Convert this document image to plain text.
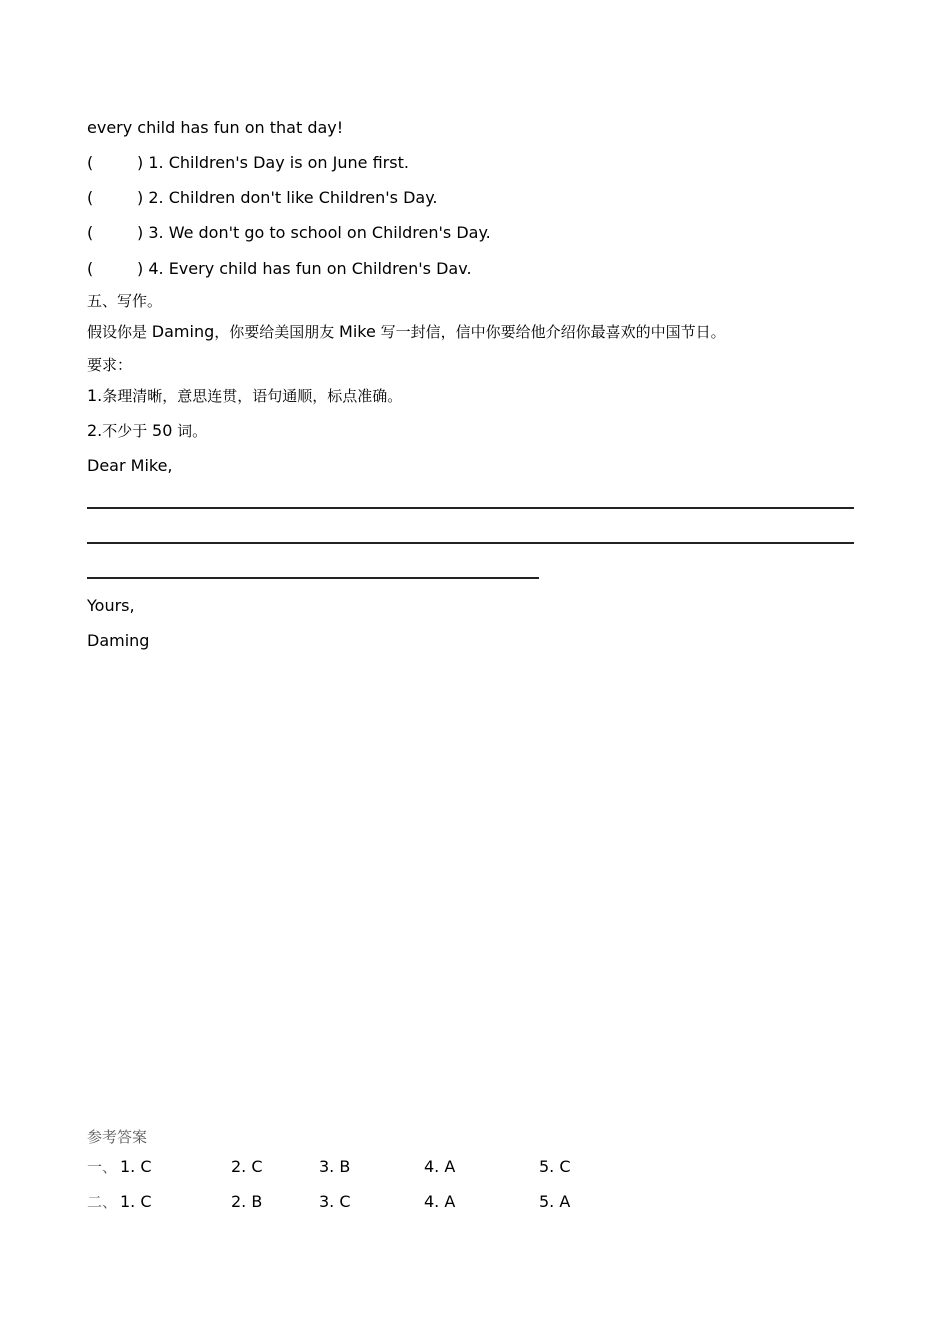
every child has fun on that day!
(	) 1. Children's Day is on June first.
(	) 2. Children don't like Children's Day.
(	) 3. We don't go to school on Children's Day.
(	) 4. Every child has fun on Children's Dav.
五、写作。
假设你是 Daming，你要给美国朋友 Mike 写一封信，信中你要给他介绍你最喜欢的中国节日。
要求：
1.条理清晰，意思连贯，语句通顺，标点准确。
2.不少于 50 词。
Dear Mike,
Yours,
Daming
参考答案
一、 1. C	2. C	3. B	4. A	5. C
二、 1. C	2. B	3. C	4. A	5. A
